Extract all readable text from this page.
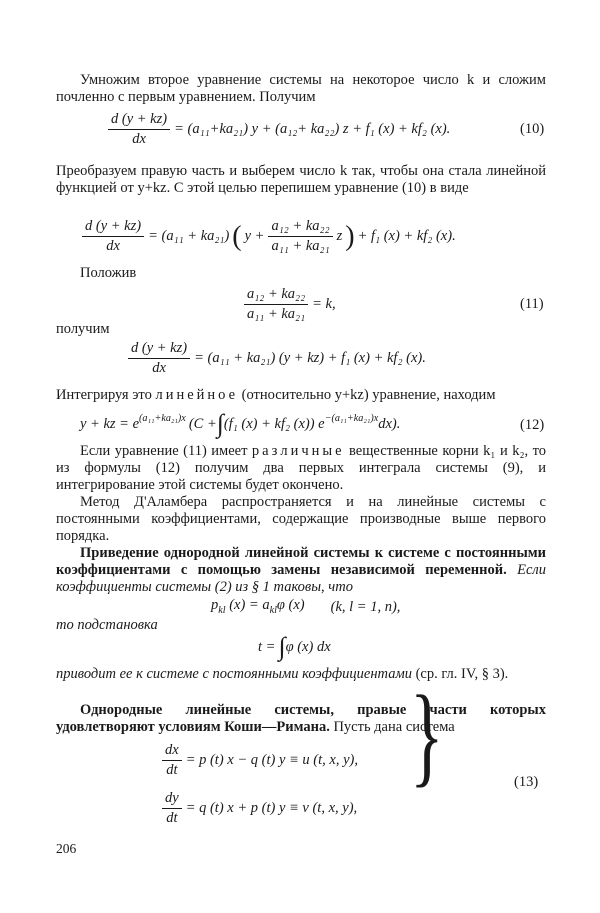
Умножим второе уравнение системы на некоторое число k и сложим почленно с первым уравнением. Получим
$\frac{d (y + kz)}{dx} = (a_{11}+ka_{21}) y + (a_{12}+ ka_{22}) z + f_1$ (x) + kf₂ (x).	(10)
Преобразуем правую часть и выберем число k так, чтобы она стала линейной функцией от y+kz. С этой целью перепишем уравнение (10) в виде
$\frac{d (y + kz)}{dx} = (a_{11} + ka_{21})$ ( $y + \frac{\text{a₁₂ + ka₂₂}}{\text{a₁₁ + ka₂₁}}$ z ) + f₁ (x) + kf₂ (x).
Положив
$\frac{\text{a₁₂ + ka₂₂}}{\text{a₁₁ + ka₂₁}} = k$,	(11)
получим
$\frac{d (y + kz)}{dx} = (a_{11} + ka_{21}) (y + kz) + f_1$ (x) + kf₂ (x).
Интегрируя это линейное (относительно y+kz) уравнение, находим
y + kz = $e^{(a_{11}+ka_{21})x}$ (C + ∫ (f₁ (x) + kf₂ (x)) $e^{-(a_{11}+ka_{21})x}$ dx).	(12)
Если уравнение (11) имеет различные вещественные корни k₁ и k₂, то из формулы (12) получим два первых интеграла системы (9), и интегрирование этой системы будет окончено.
Метод Д'Аламбера распространяется и на линейные системы с постоянными коэффициентами, содержащие производные выше первого порядка.
Приведение однородной линейной системы к системе с постоянными коэффициентами с помощью замены независимой переменной. Если коэффициенты системы (2) из § 1 таковы, что
$p_{kl}$ $(x) = a_{kl}\varphi$ (x) (k, l = 1, n),
то подстановка
t = ∫ φ (x) dx
приводит ее к системе с постоянными коэффициентами (ср. гл. IV, § 3).
Однородные линейные системы, правые части которых удовлетворяют условиям Коши—Римана. Пусть дана система
$\frac{dx}{dt} = p$ (t) x − q (t) y ≡ u (t, x, y),
$\frac{dy}{dt} = q$ (t) x + p (t) y ≡ v (t, x, y),
}	(13)
206
